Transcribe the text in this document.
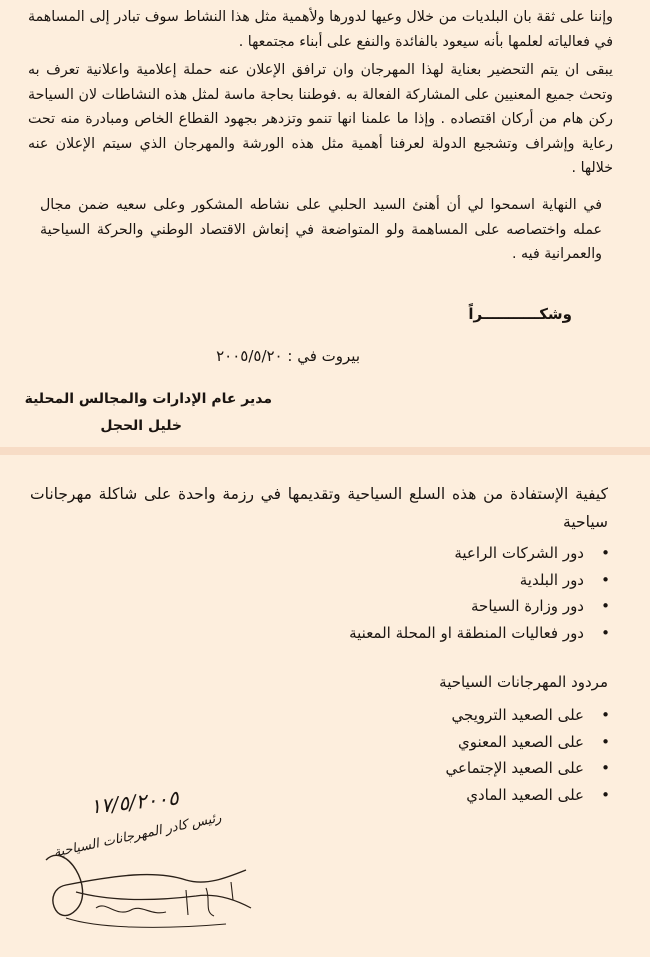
وإننا على ثقة بان البلديات من خلال وعيها لدورها ولأهمية مثل هذا النشاط سوف تبادر إلى المساهمة في فعالياته لعلمها بأنه سيعود بالفائدة والنفع على أبناء مجتمعها .

يبقى ان يتم التحضير بعناية لهذا المهرجان وان ترافق الإعلان عنه حملة إعلامية واعلانية تعرف به وتحث جميع المعنيين على المشاركة الفعالة به .فوطننا بحاجة ماسة لمثل هذه النشاطات لان السياحة ركن هام من أركان اقتصاده . وإذا ما علمنا انها تنمو وتزدهر بجهود القطاع الخاص ومبادرة منه تحت رعاية وإشراف وتشجيع الدولة لعرفنا أهمية مثل هذه الورشة والمهرجان الذي سيتم الإعلان عنه خلالها .

في النهاية اسمحوا لي أن أهنئ السيد الحلبي على نشاطه المشكور وعلى سعيه ضمن مجال عمله واختصاصه على المساهمة ولو المتواضعة في إنعاش الاقتصاد الوطني والحركة السياحية والعمرانية فيه .

وشكـــــــــــراً
بيروت في : ٢٠٠٥/٥/٢٠
مدير عام الإدارات والمجالس المحلية
خليل الحجل

كيفية الإستفادة من هذه السلع السياحية وتقديمها في رزمة واحدة على شاكلة مهرجانات سياحية

•
دور الشركات الراعية
•
دور البلدية
•
دور وزارة السياحة
•
دور فعاليات المنطقة او المحلة المعنية
مردود المهرجانات السياحية
•
على الصعيد الترويجي
•
على الصعيد المعنوي
•
على الصعيد الإجتماعي
•
على الصعيد المادي
١٧/٥/٢٠٠٥
رئيس كادر المهرجانات السياحية
